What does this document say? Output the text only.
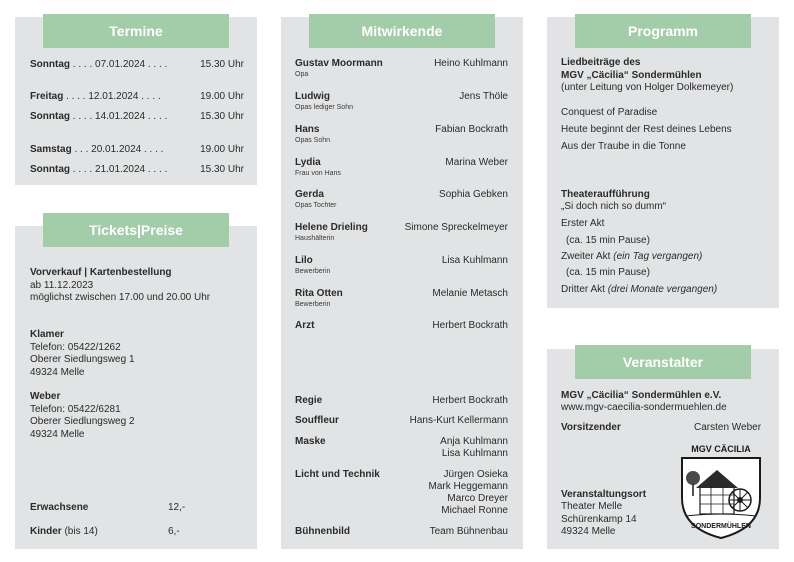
Termine
Sonntag . . . . 07.01.2024 . . . .	15.30 Uhr
Freitag . . . . 12.01.2024 . . . .	19.00 Uhr
Sonntag . . . . 14.01.2024 . . . .	15.30 Uhr
Samstag . . . 20.01.2024 . . . .	19.00 Uhr
Sonntag . . . . 21.01.2024 . . . .	15.30 Uhr
Tickets|Preise
Vorverkauf | Kartenbestellung
ab 11.12.2023
möglichst zwischen 17.00 und 20.00 Uhr
Klamer
Telefon: 05422/1262
Oberer Siedlungsweg 1
49324 Melle
Weber
Telefon: 05422/6281
Oberer Siedlungsweg 2
49324 Melle
Erwachsene	12,-
Kinder (bis 14)	6,-
Mitwirkende
Gustav Moormann	Heino Kuhlmann
Opa
Ludwig	Jens Thöle
Opas lediger Sohn
Hans	Fabian Bockrath
Opas Sohn
Lydia	Marina Weber
Frau von Hans
Gerda	Sophia Gebken
Opas Tochter
Helene Drieling	Simone Spreckelmeyer
Haushälterin
Lilo	Lisa Kuhlmann
Bewerberin
Rita Otten	Melanie Metasch
Bewerberin
Arzt	Herbert Bockrath
Regie	Herbert Bockrath
Souffleur	Hans-Kurt Kellermann
Maske	Anja Kuhlmann
Lisa Kuhlmann
Licht und Technik	Jürgen Osieka
Mark Heggemann
Marco Dreyer
Michael Ronne
Bühnenbild	Team Bühnenbau
Programm
Liedbeiträge des
MGV „Cäcilia“ Sondermühlen
(unter Leitung von Holger Dolkemeyer)
Conquest of Paradise
Heute beginnt der Rest deines Lebens
Aus der Traube in die Tonne
Theateraufführung
„Si doch nich so dumm“
Erster Akt
(ca. 15 min Pause)
Zweiter Akt (ein Tag vergangen)
(ca. 15 min Pause)
Dritter Akt (drei Monate vergangen)
Veranstalter
MGV „Cäcilia“ Sondermühlen e.V.
www.mgv-caecilia-sondermuehlen.de
Vorsitzender	Carsten Weber
Veranstaltungsort
Theater Melle
Schürenkamp 14
49324 Melle
MGV CÄCILIA
SONDERMÜHLEN
